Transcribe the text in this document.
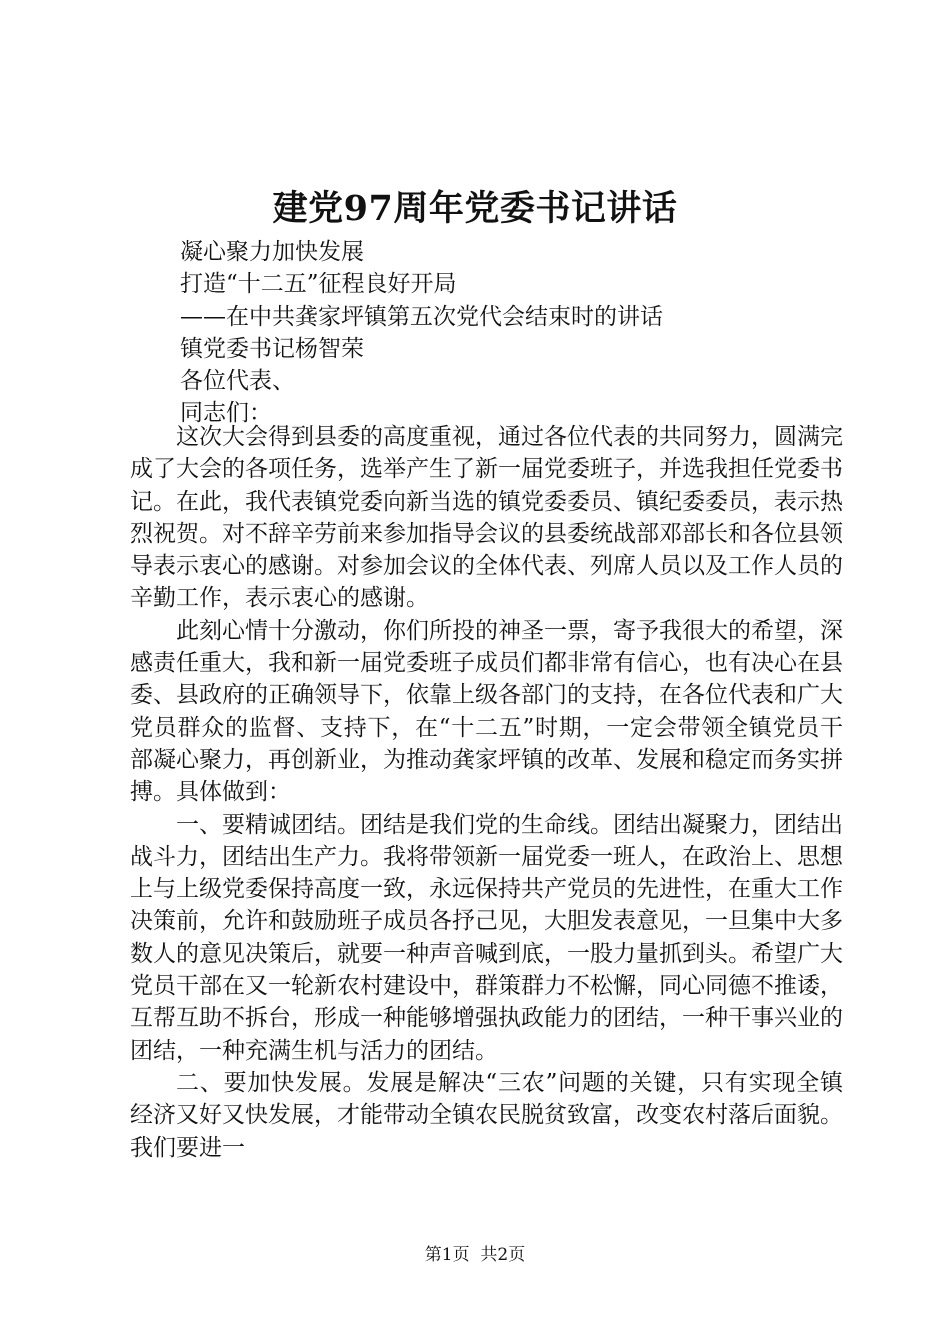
建党97周年党委书记讲话
凝心聚力加快发展
打造“十二五”征程良好开局
——在中共龚家坪镇第五次党代会结束时的讲话
镇党委书记杨智荣
各位代表、
同志们：

这次大会得到县委的高度重视，通过各位代表的共同努力，圆满完成了大会的各项任务，选举产生了新一届党委班子，并选我担任党委书记。在此，我代表镇党委向新当选的镇党委委员、镇纪委委员，表示热烈祝贺。对不辞辛劳前来参加指导会议的县委统战部邓部长和各位县领导表示衷心的感谢。对参加会议的全体代表、列席人员以及工作人员的辛勤工作，表示衷心的感谢。

此刻心情十分激动，你们所投的神圣一票，寄予我很大的希望，深感责任重大，我和新一届党委班子成员们都非常有信心，也有决心在县委、县政府的正确领导下，依靠上级各部门的支持，在各位代表和广大党员群众的监督、支持下，在“十二五”时期，一定会带领全镇党员干部凝心聚力，再创新业，为推动龚家坪镇的改革、发展和稳定而务实拼搏。具体做到：

一、要精诚团结。团结是我们党的生命线。团结出凝聚力，团结出战斗力，团结出生产力。我将带领新一届党委一班人，在政治上、思想上与上级党委保持高度一致，永远保持共产党员的先进性，在重大工作决策前，允许和鼓励班子成员各抒己见，大胆发表意见，一旦集中大多数人的意见决策后，就要一种声音喊到底，一股力量抓到头。希望广大党员干部在又一轮新农村建设中，群策群力不松懈，同心同德不推诿，互帮互助不拆台，形成一种能够增强执政能力的团结，一种干事兴业的团结，一种充满生机与活力的团结。

二、要加快发展。发展是解决“三农”问题的关键，只有实现全镇经济又好又快发展，才能带动全镇农民脱贫致富，改变农村落后面貌。我们要进一

第1页  共2页
